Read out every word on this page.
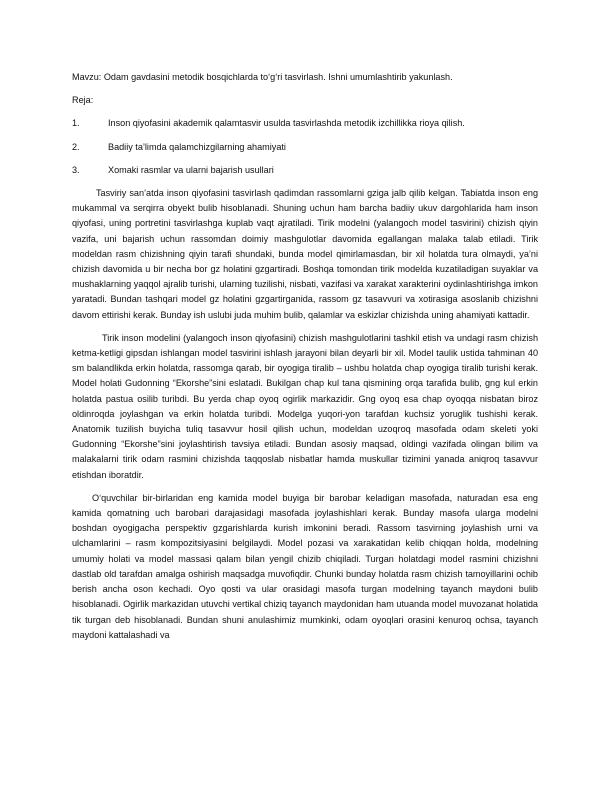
Mavzu: Odam gavdasini metodik bosqichlarda to‘g‘ri tasvirlash. Ishni umumlashtirib yakunlash.
Reja:
1.	Inson qiyofasini akademik qalamtasvir usulda tasvirlashda metodik izchillikka rioya qilish.
2.	Badiiy ta’limda qalamchizgilarning ahamiyati
3.	Xomaki rasmlar va ularni bajarish usullari

Tasviriy san’atda inson qiyofasini tasvirlash qadimdan rassomlarni gziga jalb qilib kelgan. Tabiatda inson eng mukammal va serqirra obyekt bulib hisoblanadi. Shuning uchun ham barcha badiiy ukuv dargohlarida ham inson qiyofasi, uning portretini tasvirlashga kuplab vaqt ajratiladi. Tirik modelni (yalangoch model tasvirini) chizish qiyin vazifa, uni bajarish uchun rassomdan doimiy mashgulotlar davomida egallangan malaka talab etiladi. Tirik modeldan rasm chizishning qiyin tarafi shundaki, bunda model qimirlamasdan, bir xil holatda tura olmaydi, ya’ni chizish davomida u bir necha bor gz holatini gzgartiradi. Boshqa tomondan tirik modelda kuzatiladigan suyaklar va mushaklarning yaqqol ajralib turishi, ularning tuzilishi, nisbati, vazifasi va xarakat xarakterini oydinlashtirishga imkon yaratadi. Bundan tashqari model gz holatini gzgartirganida, rassom gz tasavvuri va xotirasiga asoslanib chizishni davom ettirishi kerak. Bunday ish uslubi juda muhim bulib, qalamlar va eskizlar chizishda uning ahamiyati kattadir.

Tirik inson modelini (yalangoch inson qiyofasini) chizish mashgulotlarini tashkil etish va undagi rasm chizish ketma-ketligi gipsdan ishlangan model tasvirini ishlash jarayoni bilan deyarli bir xil. Model taulik ustida tahminan 40 sm balandlikda erkin holatda, rassomga qarab, bir oyogiga tiralib – ushbu holatda chap oyogiga tiralib turishi kerak. Model holati Gudonning “Ekorshe”sini eslatadi. Bukilgan chap kul tana qismining orqa tarafida bulib, gng kul erkin holatda pastua osilib turibdi. Bu yerda chap oyoq ogirlik markazidir. Gng oyoq esa chap oyoqqa nisbatan biroz oldinroqda joylashgan va erkin holatda turibdi. Modelga yuqori-yon tarafdan kuchsiz yoruglik tushishi kerak. Anatomik tuzilish buyicha tuliq tasavvur hosil qilish uchun, modeldan uzoqroq masofada odam skeleti yoki Gudonning “Ekorshe”sini joylashtirish tavsiya etiladi. Bundan asosiy maqsad, oldingi vazifada olingan bilim va malakalarni tirik odam rasmini chizishda taqqoslab nisbatlar hamda muskullar tizimini yanada aniqroq tasavvur etishdan iboratdir.

O‘quvchilar bir-birlaridan eng kamida model buyiga bir barobar keladigan masofada, naturadan esa eng kamida qomatning uch barobari darajasidagi masofada joylashishlari kerak. Bunday masofa ularga modelni boshdan oyogigacha perspektiv gzgarishlarda kurish imkonini beradi. Rassom tasvirning joylashish urni va ulchamlarini – rasm kompozitsiyasini belgilaydi. Model pozasi va xarakatidan kelib chiqqan holda, modelning umumiy holati va model massasi qalam bilan yengil chizib chiqiladi. Turgan holatdagi model rasmini chizishni dastlab old tarafdan amalga oshirish maqsadga muvofiqdir. Chunki bunday holatda rasm chizish tamoyillarini ochib berish ancha oson kechadi. Oyo qosti va ular orasidagi masofa turgan modelning tayanch maydoni bulib hisoblanadi. Ogirlik markazidan utuvchi vertikal chiziq tayanch maydonidan ham utuanda model muvozanat holatida tik turgan deb hisoblanadi. Bundan shuni anulashimiz mumkinki, odam oyoqlari orasini kenuroq ochsa, tayanch maydoni kattalashadi va
